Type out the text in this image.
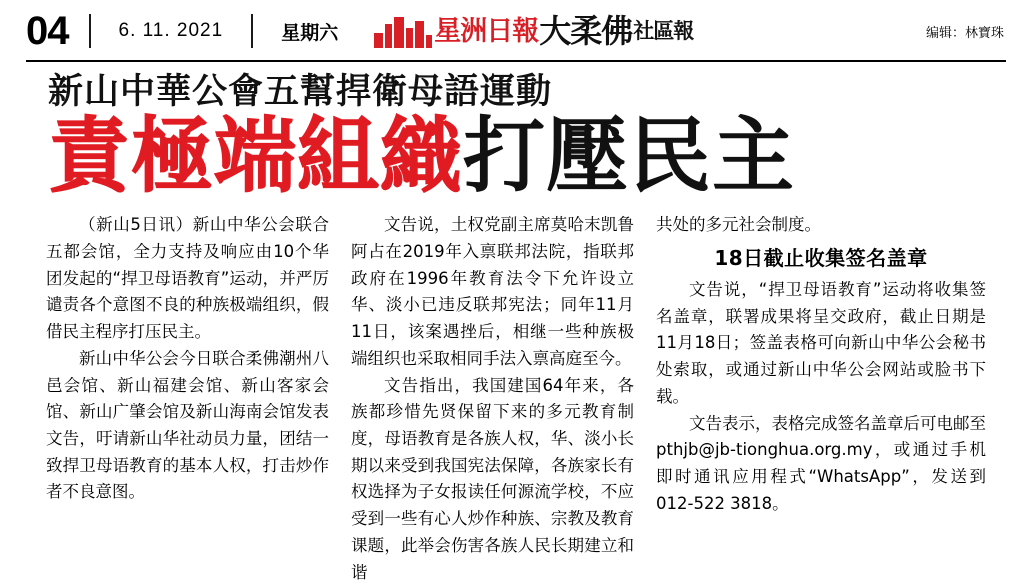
04	6. 11. 2021	星期六	星洲日報 大柔佛 社區報	编辑：林寶珠
新山中華公會五幫捍衛母語運動
責極端組織打壓民主

（新山5日讯）新山中华公会联合五都会馆，全力支持及响应由10个华团发起的“捍卫母语教育”运动，并严厉谴责各个意图不良的种族极端组织，假借民主程序打压民主。

新山中华公会今日联合柔佛潮州八邑会馆、新山福建会馆、新山客家会馆、新山广肇会馆及新山海南会馆发表文告，吁请新山华社动员力量，团结一致捍卫母语教育的基本人权，打击炒作者不良意图。

文告说，土权党副主席莫哈末凯鲁阿占在2019年入禀联邦法院，指联邦政府在1996年教育法令下允许设立华、淡小已违反联邦宪法；同年11月11日，该案遇挫后，相继一些种族极端组织也采取相同手法入禀高庭至今。

文告指出，我国建国64年来，各族都珍惜先贤保留下来的多元教育制度，母语教育是各族人权，华、淡小长期以来受到我国宪法保障，各族家长有权选择为子女报读任何源流学校，不应受到一些有心人炒作种族、宗教及教育课题，此举会伤害各族人民长期建立和谐

共处的多元社会制度。

18日截止收集签名盖章

文告说，“捍卫母语教育”运动将收集签名盖章，联署成果将呈交政府，截止日期是11月18日；签盖表格可向新山中华公会秘书处索取，或通过新山中华公会网站或脸书下载。

文告表示，表格完成签名盖章后可电邮至pthjb@jb-tionghua.org.my，或通过手机即时通讯应用程式“WhatsApp”，发送到012-522 3818。
